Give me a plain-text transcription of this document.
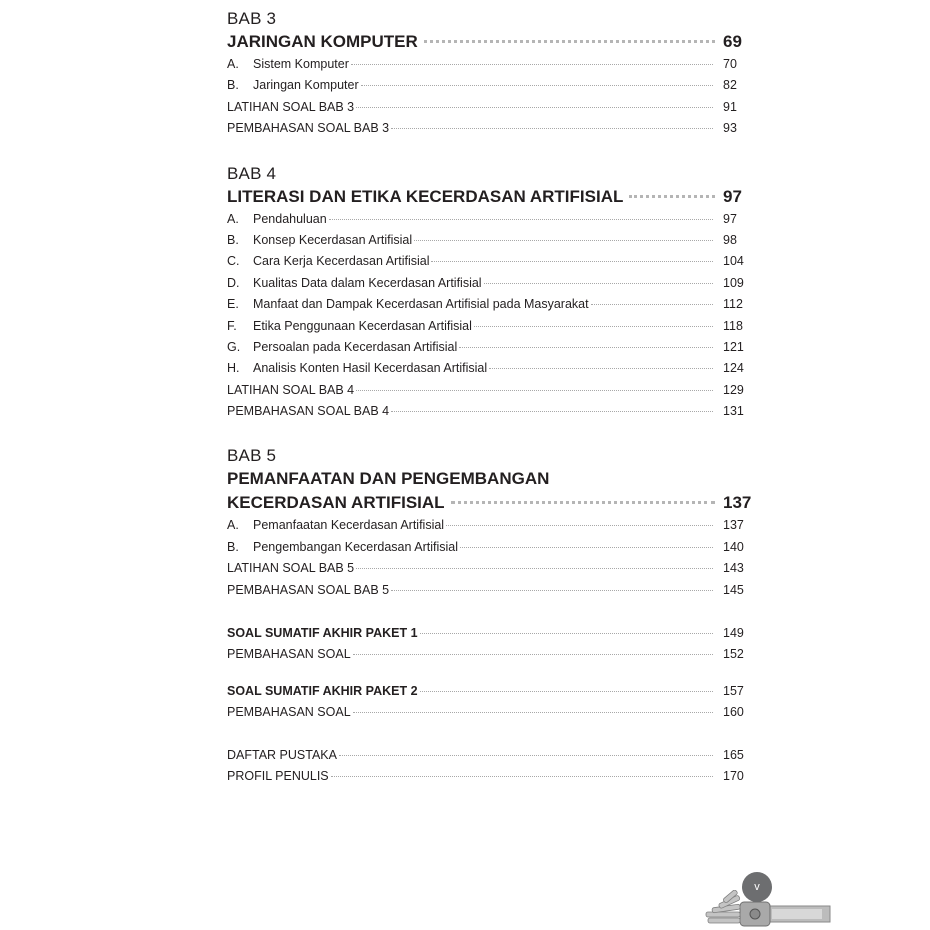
BAB 3
JARINGAN KOMPUTER	69
A.	Sistem Komputer	70
B.	Jaringan Komputer	82
LATIHAN SOAL BAB 3	91
PEMBAHASAN SOAL BAB 3	93
BAB 4
LITERASI DAN ETIKA KECERDASAN ARTIFISIAL	97
A.	Pendahuluan	97
B.	Konsep Kecerdasan Artifisial	98
C.	Cara Kerja Kecerdasan Artifisial	104
D.	Kualitas Data dalam Kecerdasan Artifisial	109
E.	Manfaat dan Dampak Kecerdasan Artifisial pada Masyarakat	112
F.	Etika Penggunaan Kecerdasan Artifisial	118
G.	Persoalan pada Kecerdasan Artifisial	121
H.	Analisis Konten Hasil Kecerdasan Artifisial	124
LATIHAN SOAL BAB 4	129
PEMBAHASAN SOAL BAB 4	131
BAB 5
PEMANFAATAN DAN PENGEMBANGAN
KECERDASAN ARTIFISIAL	137
A.	Pemanfaatan Kecerdasan Artifisial	137
B.	Pengembangan Kecerdasan Artifisial	140
LATIHAN SOAL BAB 5	143
PEMBAHASAN SOAL BAB 5	145
SOAL SUMATIF AKHIR PAKET 1	149
PEMBAHASAN SOAL	152
SOAL SUMATIF AKHIR PAKET 2	157
PEMBAHASAN SOAL	160
DAFTAR PUSTAKA	165
PROFIL PENULIS	170
v
